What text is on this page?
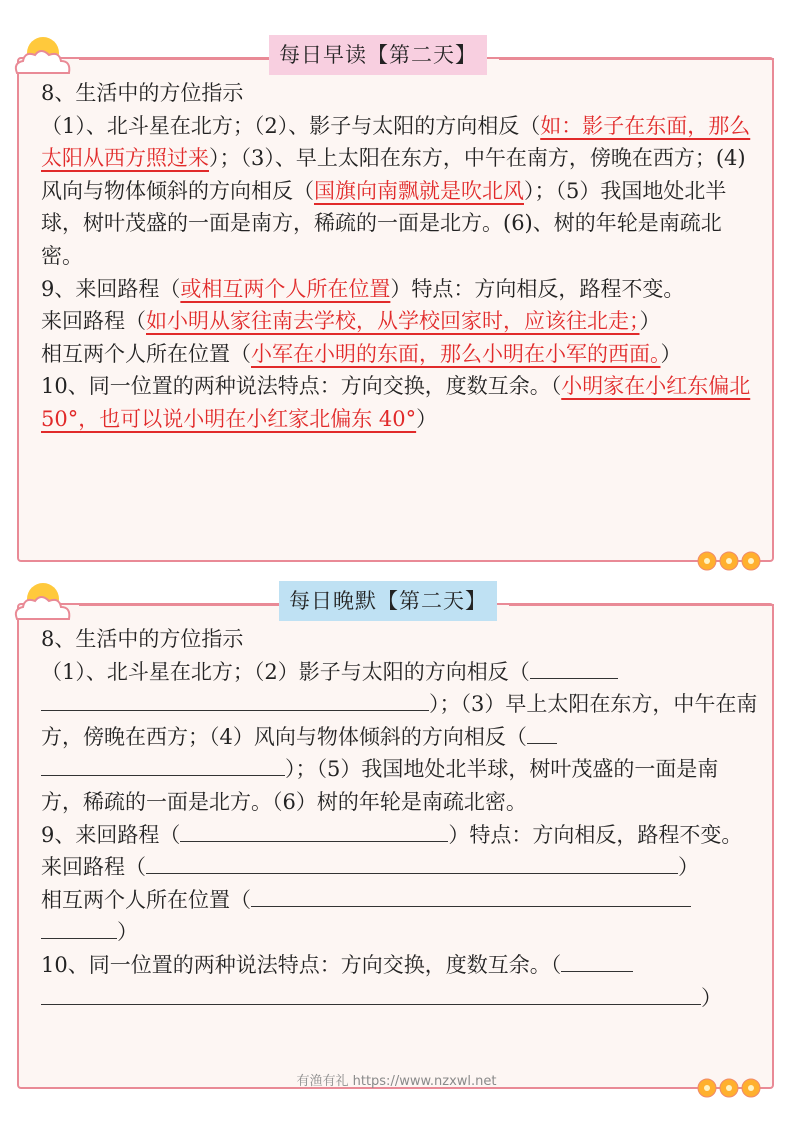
每日早读【第二天】

8、生活中的方位指示

（1）、北斗星在北方；（2）、影子与太阳的方向相反（如：影子在东面，那么太阳从西方照过来）；（3）、早上太阳在东方，中午在南方，傍晚在西方；(4)风向与物体倾斜的方向相反（国旗向南飘就是吹北风）；（5）我国地处北半球，树叶茂盛的一面是南方，稀疏的一面是北方。(6)、树的年轮是南疏北密。

9、来回路程（或相互两个人所在位置）特点：方向相反，路程不变。

来回路程（如小明从家往南去学校，从学校回家时，应该往北走；）

相互两个人所在位置（小军在小明的东面，那么小明在小军的西面。）

10、同一位置的两种说法特点：方向交换，度数互余。（小明家在小红东偏北 50°，也可以说小明在小红家北偏东 40°）

每日晚默【第二天】

8、生活中的方位指示

（1）、北斗星在北方；（2）影子与太阳的方向相反（）；（3）早上太阳在东方，中午在南方，傍晚在西方；（4）风向与物体倾斜的方向相反（）；（5）我国地处北半球，树叶茂盛的一面是南方，稀疏的一面是北方。（6）树的年轮是南疏北密。

9、来回路程（	）特点：方向相反，路程不变。

来回路程（	）

相互两个人所在位置（）

10、同一位置的两种说法特点：方向交换，度数互余。（）

有渔有礼 https://www.nzxwl.net
